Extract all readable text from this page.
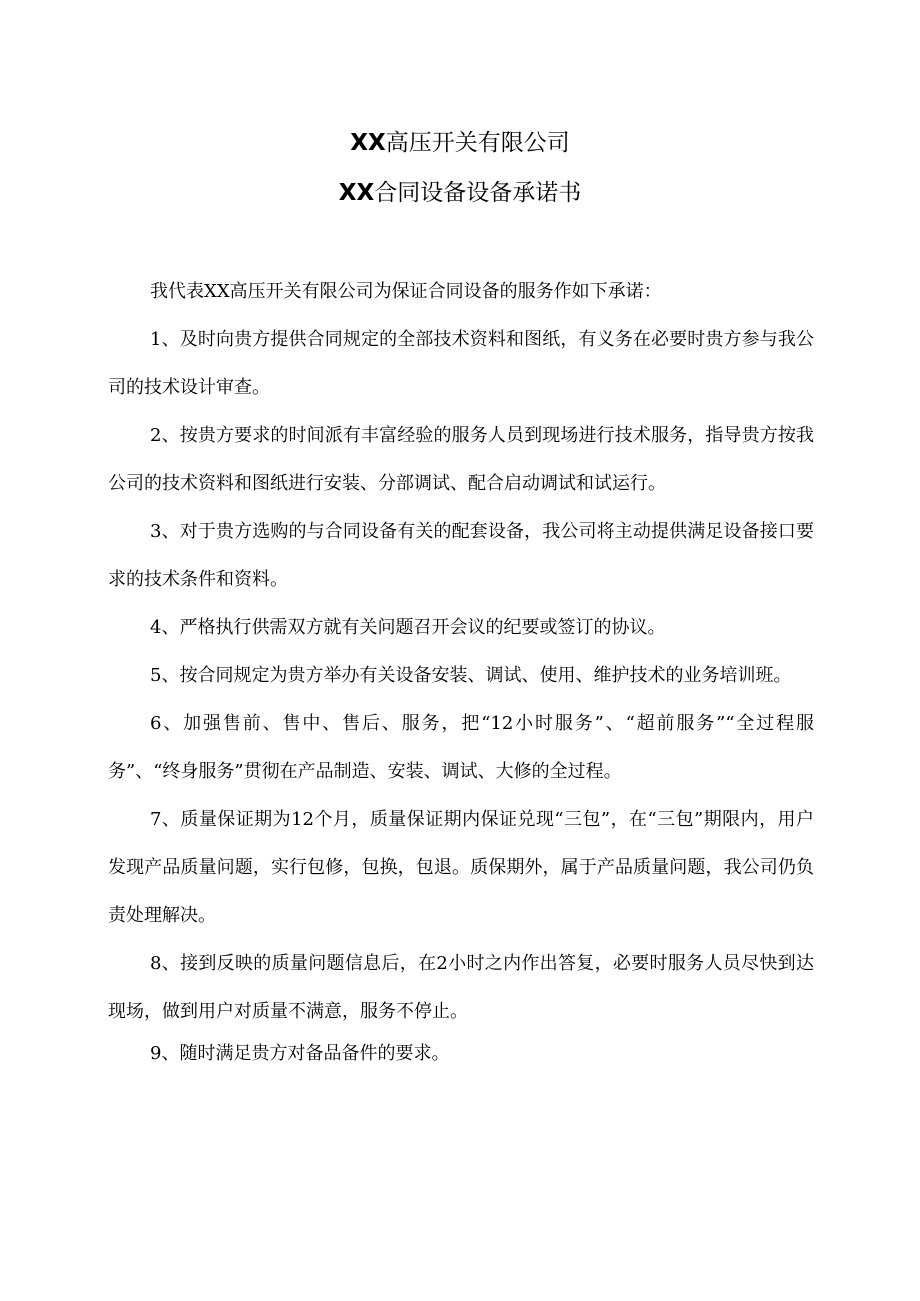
XX高压开关有限公司
XX合同设备设备承诺书

我代表XX高压开关有限公司为保证合同设备的服务作如下承诺：

1、及时向贵方提供合同规定的全部技术资料和图纸，有义务在必要时贵方参与我公司的技术设计审查。

2、按贵方要求的时间派有丰富经验的服务人员到现场进行技术服务，指导贵方按我公司的技术资料和图纸进行安装、分部调试、配合启动调试和试运行。

3、对于贵方选购的与合同设备有关的配套设备，我公司将主动提供满足设备接口要求的技术条件和资料。

4、严格执行供需双方就有关问题召开会议的纪要或签订的协议。

5、按合同规定为贵方举办有关设备安装、调试、使用、维护技术的业务培训班。

6、加强售前、售中、售后、服务，把“12小时服务”、“超前服务”“全过程服务”、“终身服务”贯彻在产品制造、安装、调试、大修的全过程。

7、质量保证期为12个月，质量保证期内保证兑现“三包”，在“三包”期限内，用户发现产品质量问题，实行包修，包换，包退。质保期外，属于产品质量问题，我公司仍负责处理解决。

8、接到反映的质量问题信息后，在2小时之内作出答复，必要时服务人员尽快到达现场，做到用户对质量不满意，服务不停止。

9、随时满足贵方对备品备件的要求。
